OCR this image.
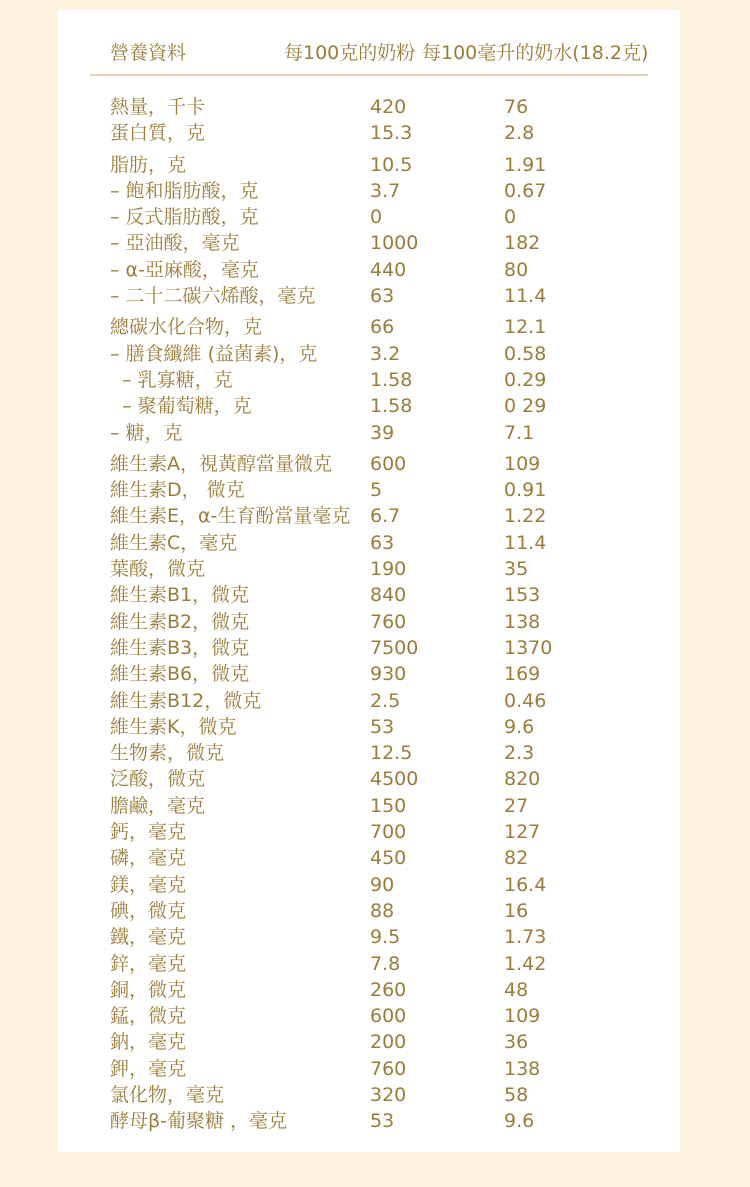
營養資料	每100克的奶粉 每100毫升的奶水(18.2克)
熱量，千卡	420	76
蛋白質，克	15.3	2.8
脂肪，克	10.5	1.91
– 飽和脂肪酸，克	3.7	0.67
– 反式脂肪酸，克	0	0
– 亞油酸，毫克	1000	182
– α-亞麻酸，毫克	440	80
– 二十二碳六烯酸，毫克	63	11.4
總碳水化合物，克	66	12.1
– 膳食纖維 (益菌素)，克	3.2	0.58
– 乳寡糖，克	1.58	0.29
– 聚葡萄糖，克	1.58	0 29
– 糖，克	39	7.1
維生素A，視黃醇當量微克 600	109
維生素D， 微克	5	0.91
維生素E，α-生育酚當量毫克 6.7	1.22
維生素C，毫克	63	11.4
葉酸，微克	190	35
維生素B1，微克	840	153
維生素B2，微克	760	138
維生素B3，微克	7500	1370
維生素B6，微克	930	169
維生素B12，微克	2.5	0.46
維生素K，微克	53	9.6
生物素，微克	12.5	2.3
泛酸，微克	4500	820
膽鹼，毫克	150	27
鈣，毫克	700	127
磷，毫克	450	82
鎂，毫克	90	16.4
碘，微克	88	16
鐵，毫克	9.5	1.73
鋅，毫克	7.8	1.42
銅，微克	260	48
錳，微克	600	109
鈉，毫克	200	36
鉀，毫克	760	138
氯化物，毫克	320	58
酵母β-葡聚糖 ，毫克	53	9.6
